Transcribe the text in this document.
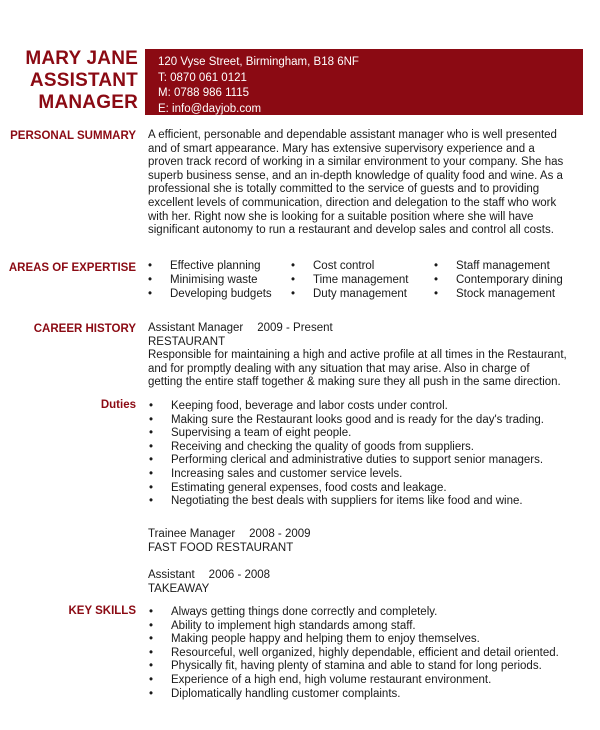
MARY JANE
ASSISTANT
MANAGER
120 Vyse Street, Birmingham, B18 6NF
T: 0870 061 0121
M: 0788 986 1115
E: info@dayjob.com
PERSONAL SUMMARY A efficient, personable and dependable assistant manager who is well presented
and of smart appearance. Mary has extensive supervisory experience and a
proven track record of working in a similar environment to your company. She has
superb business sense, and an in-depth knowledge of quality food and wine. As a
professional she is totally committed to the service of guests and to providing
excellent levels of communication, direction and delegation to the staff who work
with her. Right now she is looking for a suitable position where she will have
significant autonomy to run a restaurant and develop sales and control all costs.
AREAS OF EXPERTISE	• Effective planning
• Minimising waste
• Developing budgets
• Cost control
• Time management
• Duty management
• Staff management
• Contemporary dining
• Stock management
CAREER HISTORY Assistant Manager 2009 - Present
RESTAURANT
Responsible for maintaining a high and active profile at all times in the Restaurant,
and for promptly dealing with any situation that may arise. Also in charge of
getting the entire staff together & making sure they all push in the same direction.
Duties	• Keeping food, beverage and labor costs under control.
• Making sure the Restaurant looks good and is ready for the day's trading.
• Supervising a team of eight people.
• Receiving and checking the quality of goods from suppliers.
• Performing clerical and administrative duties to support senior managers.
• Increasing sales and customer service levels.
• Estimating general expenses, food costs and leakage.
• Negotiating the best deals with suppliers for items like food and wine.
Trainee Manager 2008 - 2009
FAST FOOD RESTAURANT
Assistant 2006 - 2008
TAKEAWAY
KEY SKILLS	• Always getting things done correctly and completely.
• Ability to implement high standards among staff.
• Making people happy and helping them to enjoy themselves.
• Resourceful, well organized, highly dependable, efficient and detail oriented.
• Physically fit, having plenty of stamina and able to stand for long periods.
• Experience of a high end, high volume restaurant environment.
• Diplomatically handling customer complaints.
